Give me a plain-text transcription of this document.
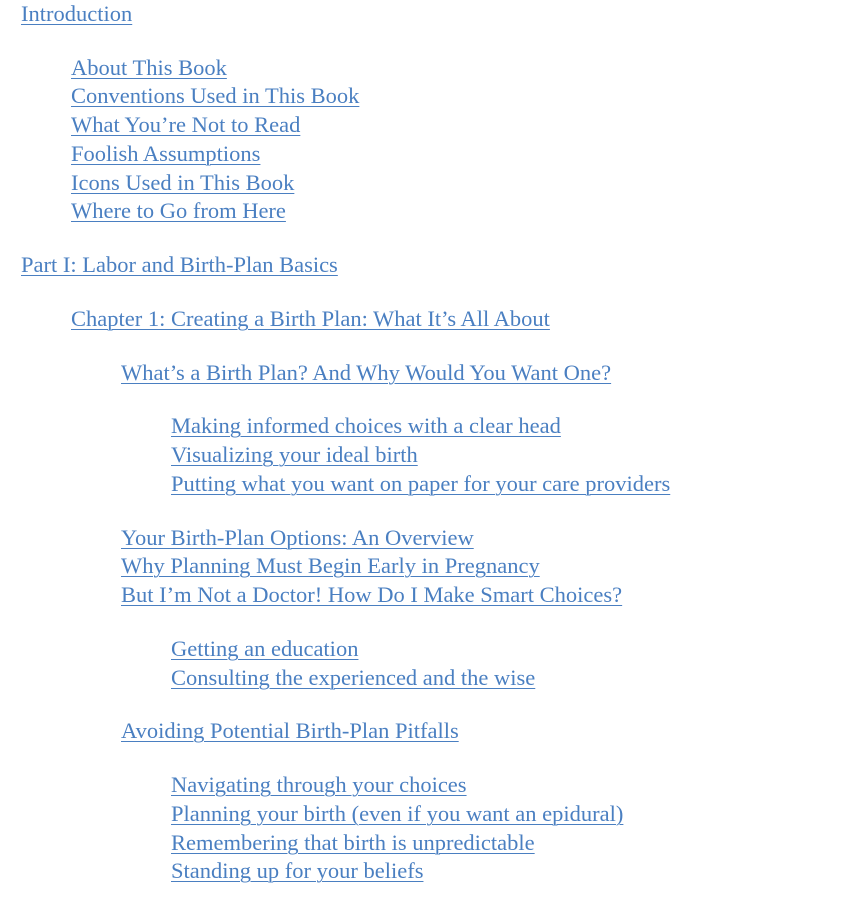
Introduction
About This Book
Conventions Used in This Book
What You’re Not to Read
Foolish Assumptions
Icons Used in This Book
Where to Go from Here
Part I: Labor and Birth-Plan Basics
Chapter 1: Creating a Birth Plan: What It’s All About
What’s a Birth Plan? And Why Would You Want One?
Making informed choices with a clear head
Visualizing your ideal birth
Putting what you want on paper for your care providers
Your Birth-Plan Options: An Overview
Why Planning Must Begin Early in Pregnancy
But I’m Not a Doctor! How Do I Make Smart Choices?
Getting an education
Consulting the experienced and the wise
Avoiding Potential Birth-Plan Pitfalls
Navigating through your choices
Planning your birth (even if you want an epidural)
Remembering that birth is unpredictable
Standing up for your beliefs
